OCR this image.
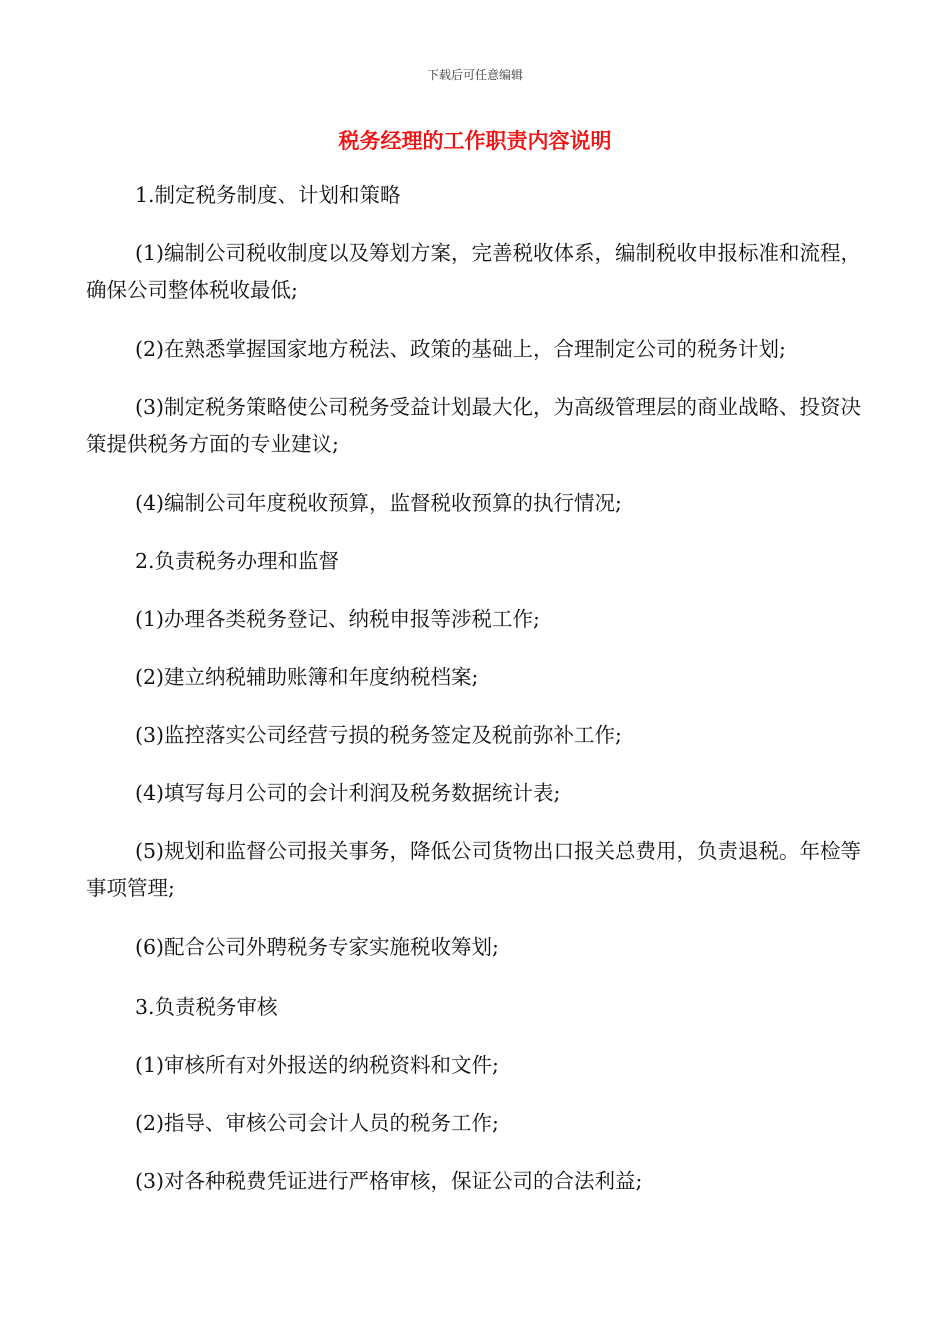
下载后可任意编辑
税务经理的工作职责内容说明

1.制定税务制度、计划和策略

(1)编制公司税收制度以及筹划方案，完善税收体系，编制税收申报标准和流程，确保公司整体税收最低;

(2)在熟悉掌握国家地方税法、政策的基础上，合理制定公司的税务计划;

(3)制定税务策略使公司税务受益计划最大化，为高级管理层的商业战略、投资决策提供税务方面的专业建议;

(4)编制公司年度税收预算，监督税收预算的执行情况;

2.负责税务办理和监督

(1)办理各类税务登记、纳税申报等涉税工作;

(2)建立纳税辅助账簿和年度纳税档案;

(3)监控落实公司经营亏损的税务签定及税前弥补工作;

(4)填写每月公司的会计利润及税务数据统计表;

(5)规划和监督公司报关事务，降低公司货物出口报关总费用，负责退税。年检等事项管理;

(6)配合公司外聘税务专家实施税收筹划;

3.负责税务审核

(1)审核所有对外报送的纳税资料和文件;

(2)指导、审核公司会计人员的税务工作;

(3)对各种税费凭证进行严格审核，保证公司的合法利益;
